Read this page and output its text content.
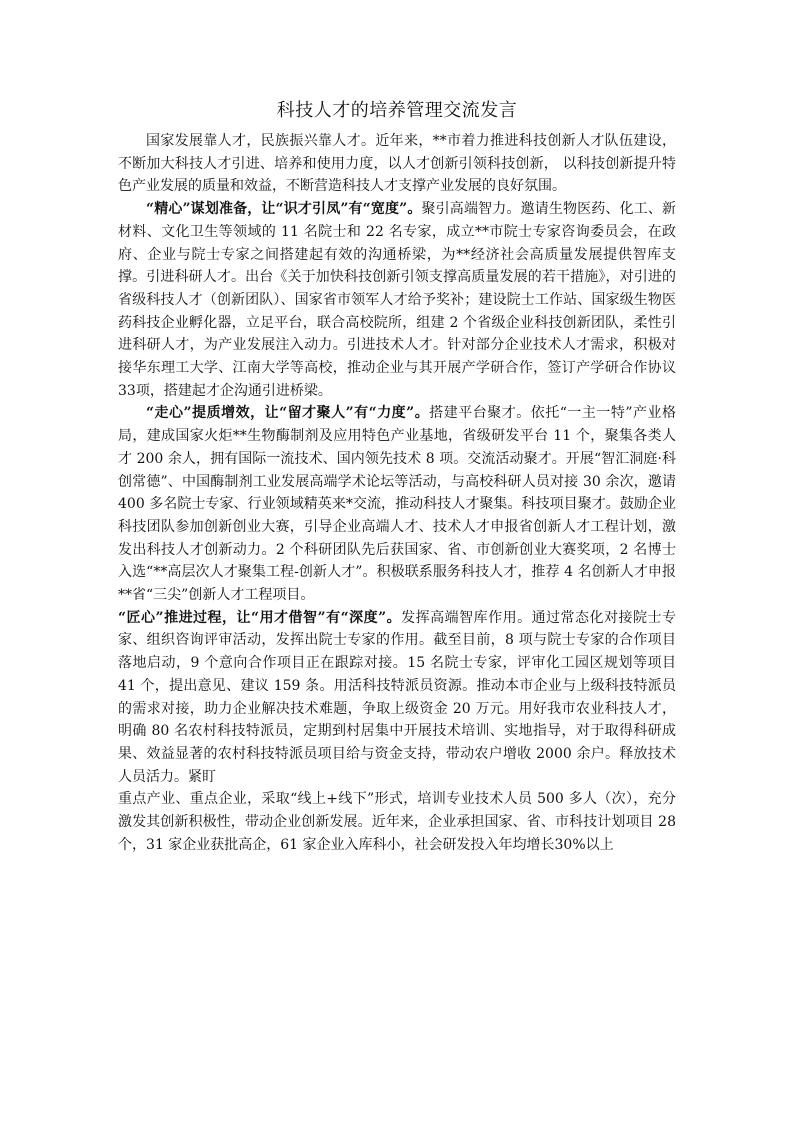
科技人才的培养管理交流发言

国家发展靠人才，民族振兴靠人才。近年来，**市着力推进科技创新人才队伍建设，不断加大科技人才引进、培养和使用力度，以人才创新引领科技创新， 以科技创新提升特色产业发展的质量和效益，不断营造科技人才支撑产业发展的良好氛围。

“精心”谋划准备，让“识才引凤”有“宽度”。聚引高端智力。邀请生物医药、化工、新材料、文化卫生等领域的 11 名院士和 22 名专家，成立**市院士专家咨询委员会，在政府、企业与院士专家之间搭建起有效的沟通桥梁，为**经济社会高质量发展提供智库支撑。引进科研人才。出台《关于加快科技创新引领支撑高质量发展的若干措施》，对引进的省级科技人才（创新团队）、国家省市领军人才给予奖补；建设院士工作站、国家级生物医药科技企业孵化器，立足平台，联合高校院所，组建 2 个省级企业科技创新团队，柔性引进科研人才，为产业发展注入动力。引进技术人才。针对部分企业技术人才需求，积极对接华东理工大学、江南大学等高校，推动企业与其开展产学研合作，签订产学研合作协议33项，搭建起才企沟通引进桥梁。

“走心”提质增效，让“留才聚人”有“力度”。搭建平台聚才。依托“一主一特”产业格局，建成国家火炬**生物酶制剂及应用特色产业基地，省级研发平台 11 个，聚集各类人才 200 余人，拥有国际一流技术、国内领先技术 8 项。交流活动聚才。开展“智汇洞庭·科创常德”、中国酶制剂工业发展高端学术论坛等活动，与高校科研人员对接 30 余次，邀请 400 多名院士专家、行业领域精英来*交流，推动科技人才聚集。科技项目聚才。鼓励企业科技团队参加创新创业大赛，引导企业高端人才、技术人才申报省创新人才工程计划，激发出科技人才创新动力。2 个科研团队先后获国家、省、市创新创业大赛奖项，2 名博士入选“**高层次人才聚集工程-创新人才”。积极联系服务科技人才，推荐 4 名创新人才申报**省“三尖”创新人才工程项目。

“匠心”推进过程，让“用才借智”有“深度”。发挥高端智库作用。通过常态化对接院士专家、组织咨询评审活动，发挥出院士专家的作用。截至目前，8 项与院士专家的合作项目落地启动，9 个意向合作项目正在跟踪对接。15 名院士专家，评审化工园区规划等项目 41 个，提出意见、建议 159 条。用活科技特派员资源。推动本市企业与上级科技特派员的需求对接，助力企业解决技术难题，争取上级资金 20 万元。用好我市农业科技人才，明确 80 名农村科技特派员，定期到村居集中开展技术培训、实地指导，对于取得科研成果、效益显著的农村科技特派员项目给与资金支持，带动农户增收 2000 余户。释放技术人员活力。紧盯

重点产业、重点企业，采取“线上+线下”形式，培训专业技术人员 500 多人（次），充分激发其创新积极性，带动企业创新发展。近年来，企业承担国家、省、市科技计划项目 28 个，31 家企业获批高企，61 家企业入库科小，社会研发投入年均增长30%以上
